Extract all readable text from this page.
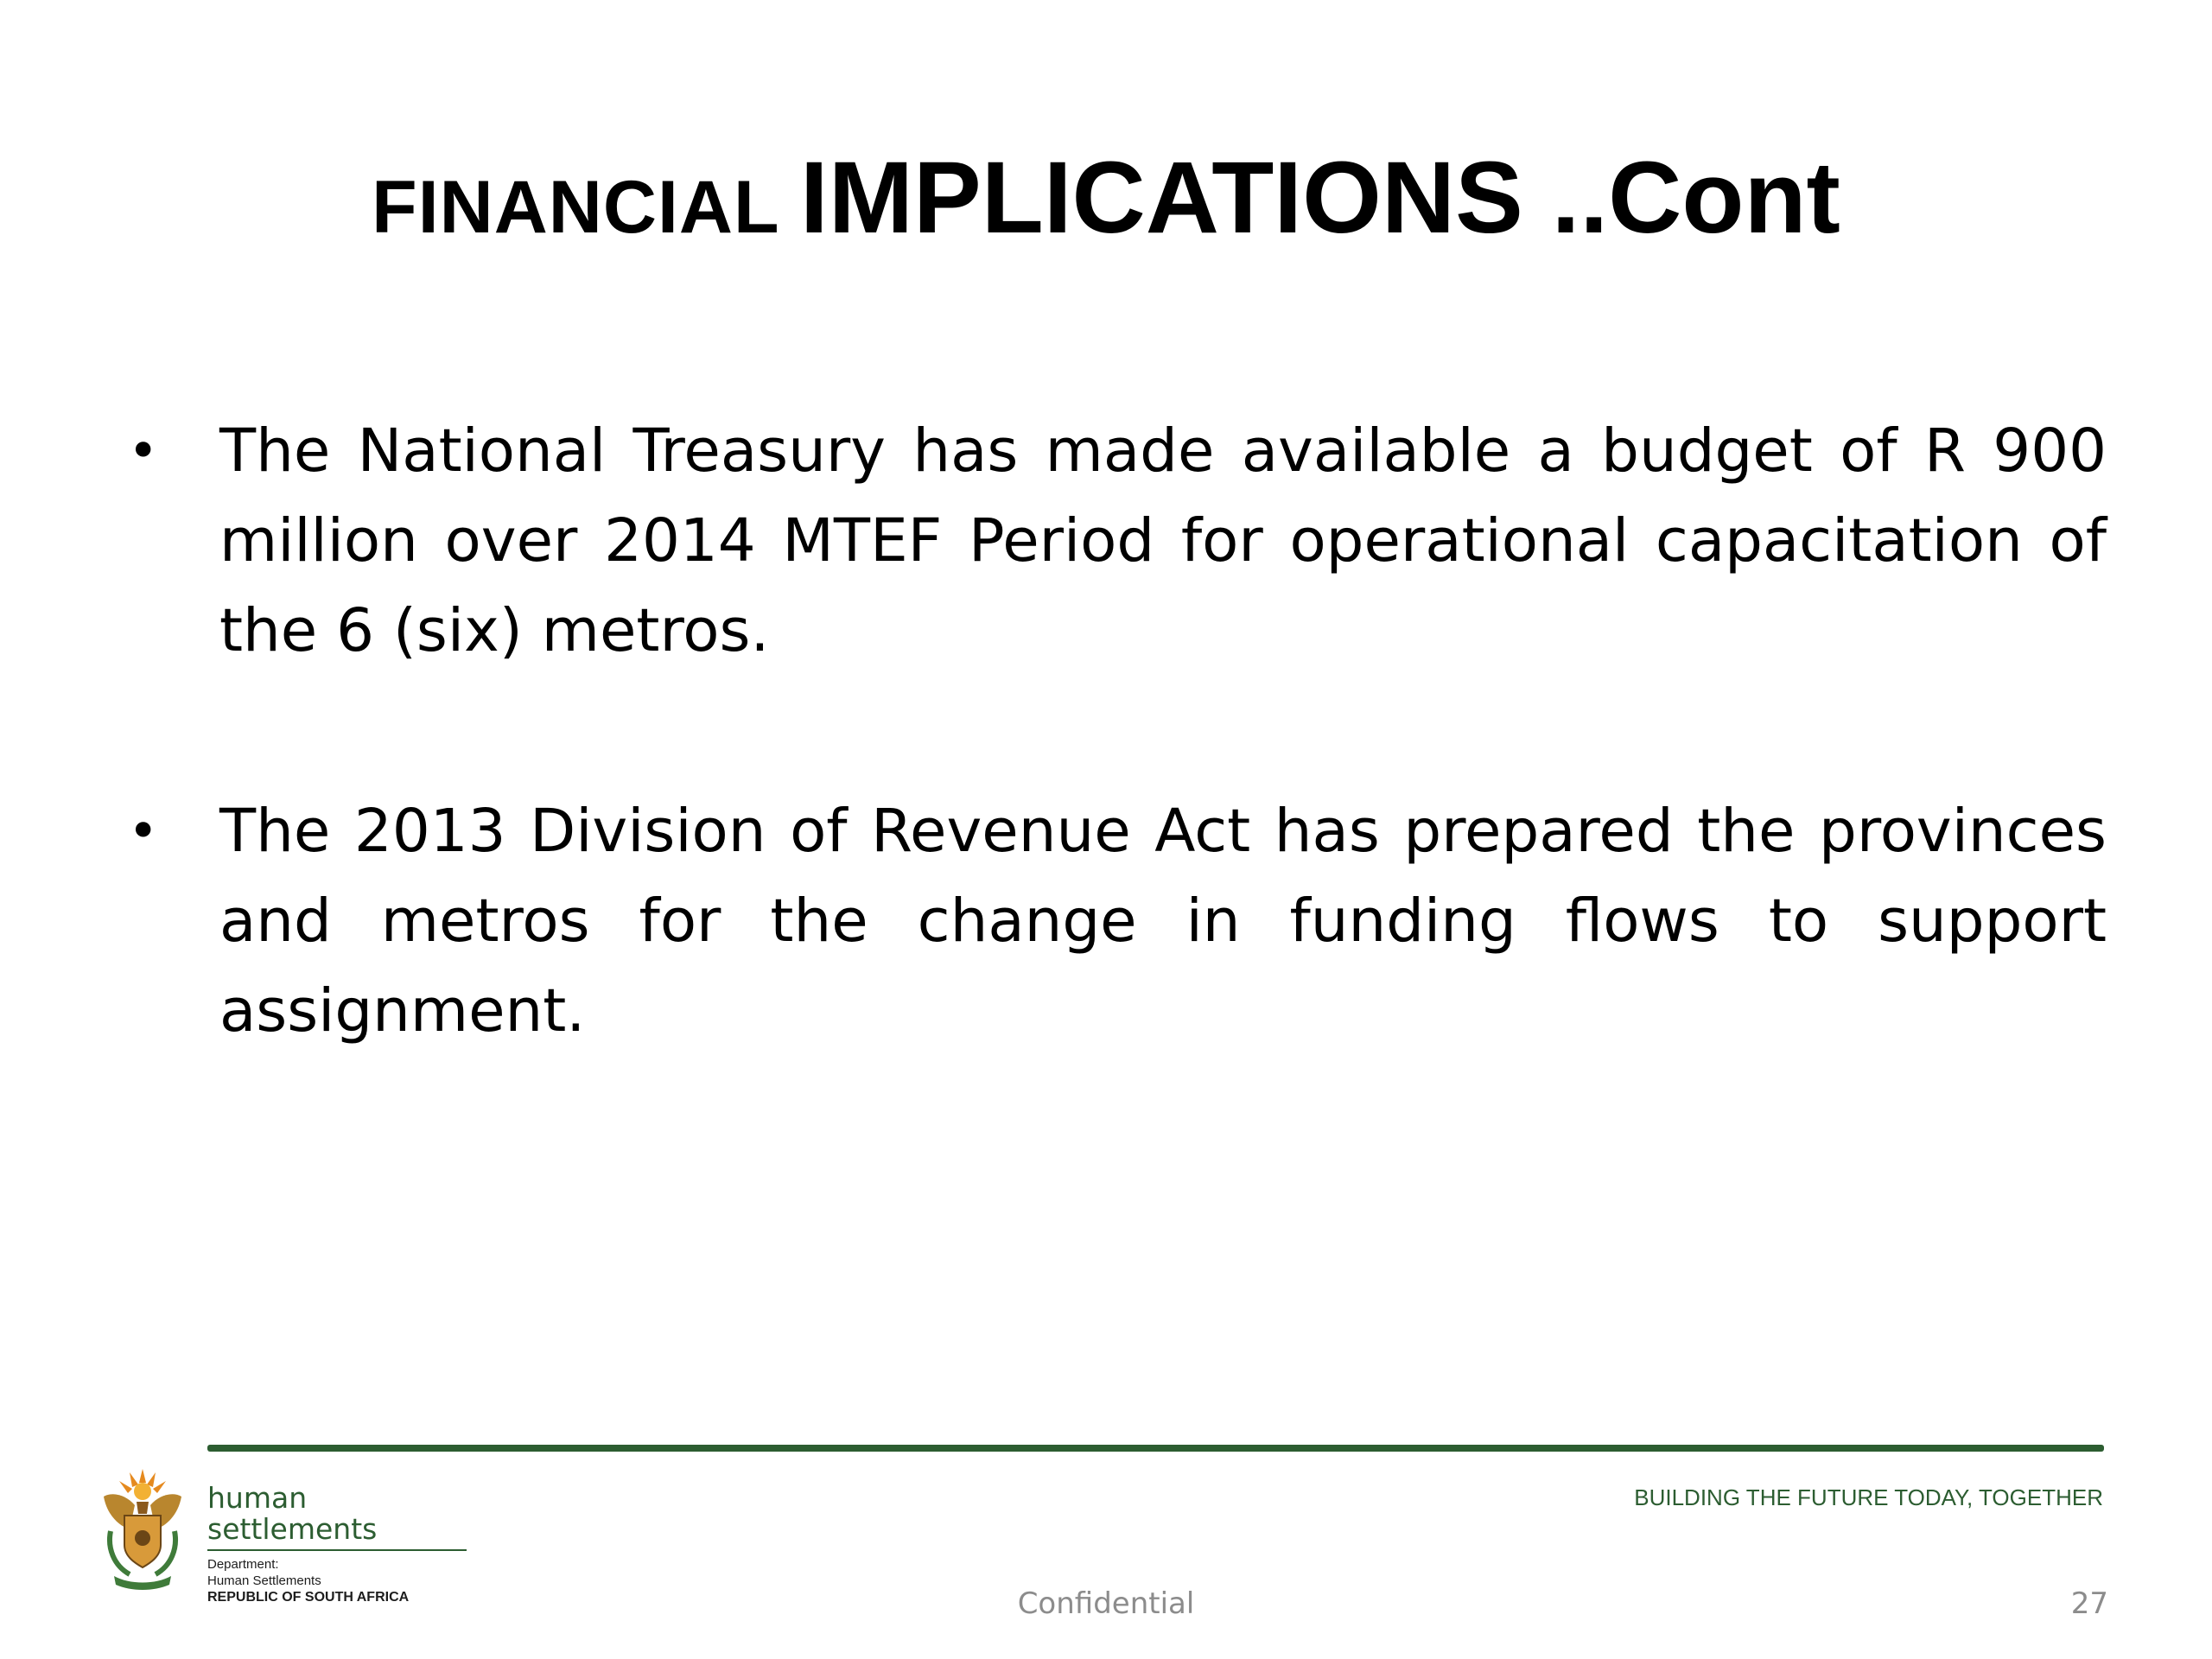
FINANCIAL IMPLICATIONS ..Cont
• The National Treasury has made available a budget of R 900 million over 2014 MTEF Period for operational capacitation of the 6 (six) metros.
• The 2013 Division of Revenue Act has prepared the provinces and metros for the change in funding flows to support assignment.
human settlements
Department:
Human Settlements
REPUBLIC OF SOUTH AFRICA
BUILDING THE FUTURE TODAY, TOGETHER
Confidential	27
